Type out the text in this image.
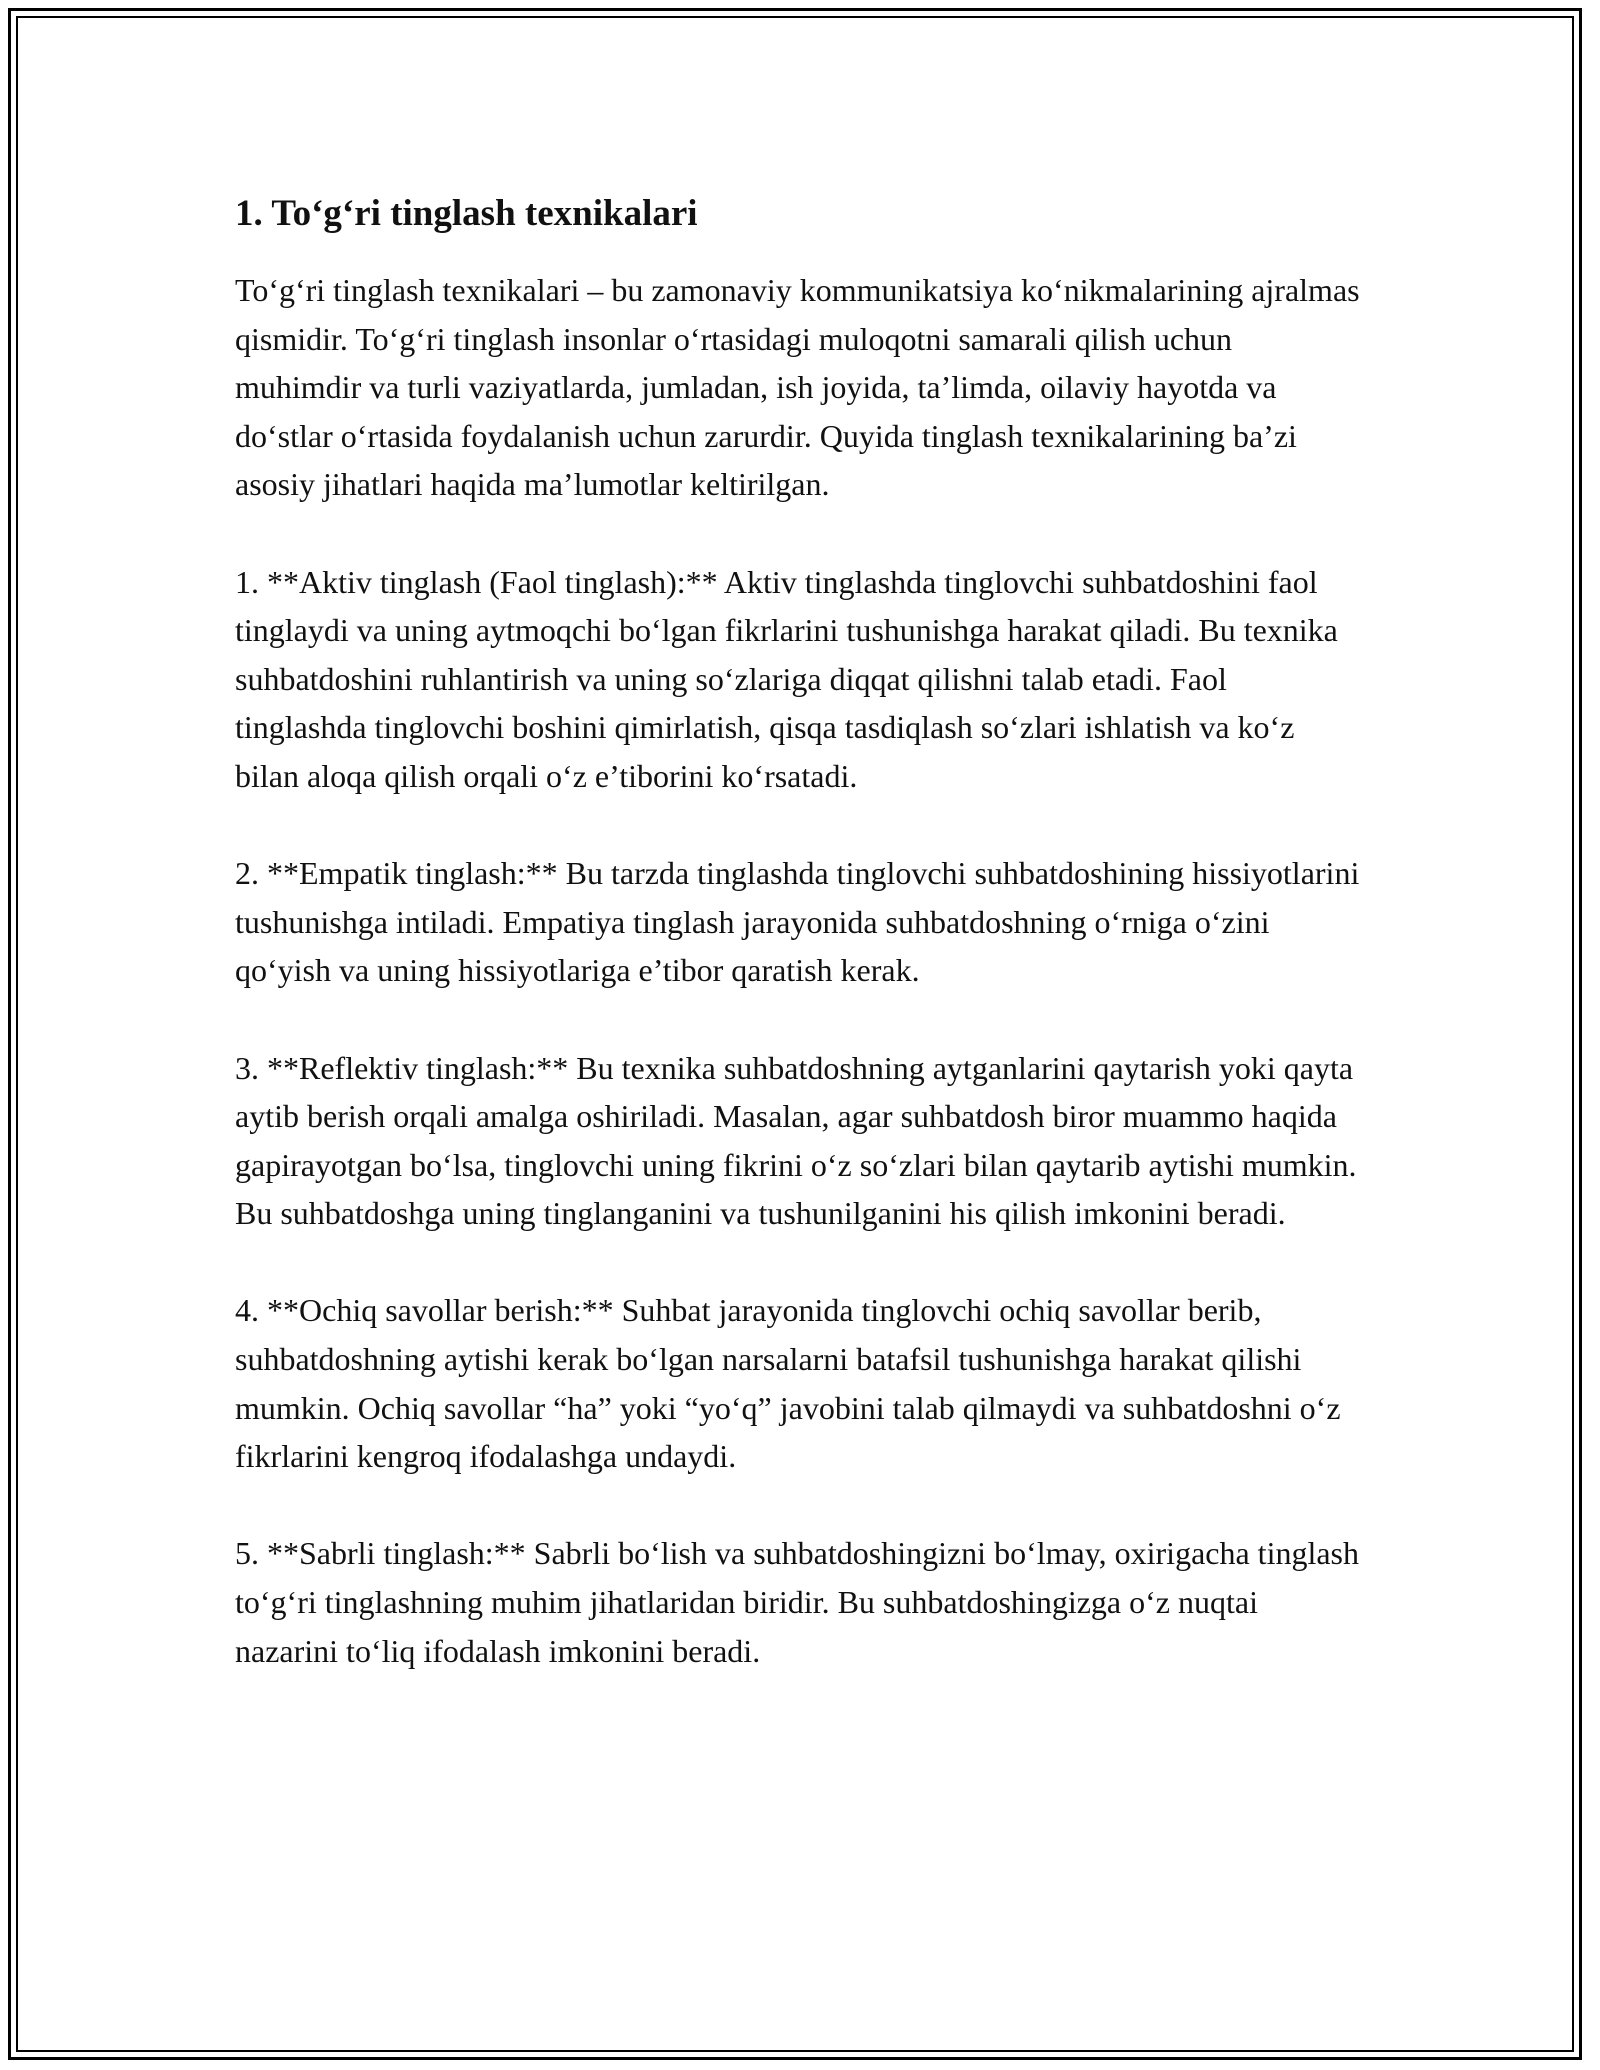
1. To‘g‘ri tinglash texnikalari

To‘g‘ri tinglash texnikalari – bu zamonaviy kommunikatsiya ko‘nikmalarining ajralmas qismidir. To‘g‘ri tinglash insonlar o‘rtasidagi muloqotni samarali qilish uchun muhimdir va turli vaziyatlarda, jumladan, ish joyida, ta’limda, oilaviy hayotda va do‘stlar o‘rtasida foydalanish uchun zarurdir. Quyida tinglash texnikalarining ba’zi asosiy jihatlari haqida ma’lumotlar keltirilgan.

1. **Aktiv tinglash (Faol tinglash):** Aktiv tinglashda tinglovchi suhbatdoshini faol tinglaydi va uning aytmoqchi bo‘lgan fikrlarini tushunishga harakat qiladi. Bu texnika suhbatdoshini ruhlantirish va uning so‘zlariga diqqat qilishni talab etadi. Faol tinglashda tinglovchi boshini qimirlatish, qisqa tasdiqlash so‘zlari ishlatish va ko‘z bilan aloqa qilish orqali o‘z e’tiborini ko‘rsatadi.

2. **Empatik tinglash:** Bu tarzda tinglashda tinglovchi suhbatdoshining hissiyotlarini tushunishga intiladi. Empatiya tinglash jarayonida suhbatdoshning o‘rniga o‘zini qo‘yish va uning hissiyotlariga e’tibor qaratish kerak.

3. **Reflektiv tinglash:** Bu texnika suhbatdoshning aytganlarini qaytarish yoki qayta aytib berish orqali amalga oshiriladi. Masalan, agar suhbatdosh biror muammo haqida gapirayotgan bo‘lsa, tinglovchi uning fikrini o‘z so‘zlari bilan qaytarib aytishi mumkin. Bu suhbatdoshga uning tinglanganini va tushunilganini his qilish imkonini beradi.

4. **Ochiq savollar berish:** Suhbat jarayonida tinglovchi ochiq savollar berib, suhbatdoshning aytishi kerak bo‘lgan narsalarni batafsil tushunishga harakat qilishi mumkin. Ochiq savollar “ha” yoki “yo‘q” javobini talab qilmaydi va suhbatdoshni o‘z fikrlarini kengroq ifodalashga undaydi.

5. **Sabrli tinglash:** Sabrli bo‘lish va suhbatdoshingizni bo‘lmay, oxirigacha tinglash to‘g‘ri tinglashning muhim jihatlaridan biridir. Bu suhbatdoshingizga o‘z nuqtai nazarini to‘liq ifodalash imkonini beradi.
